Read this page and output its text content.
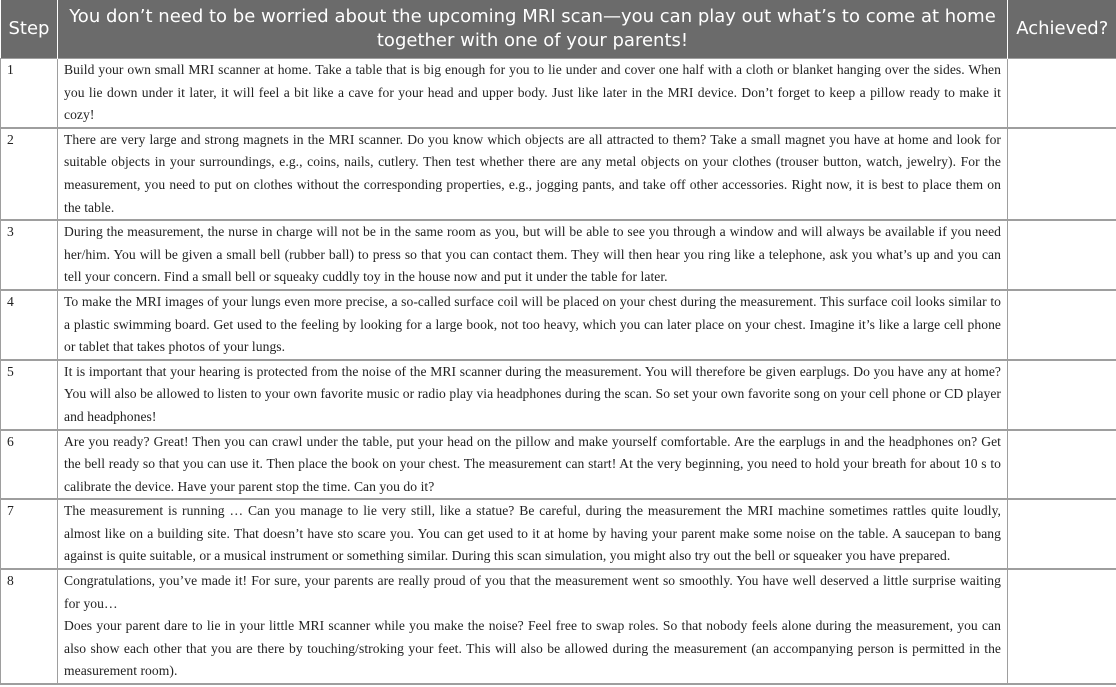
Step	You don’t need to be worried about the upcoming MRI scan—you can play out what’s to come at home together with one of your parents!	Achieved?
1	Build your own small MRI scanner at home. Take a table that is big enough for you to lie under and cover one half with a cloth or blanket hanging over the sides. When you lie down under it later, it will feel a bit like a cave for your head and upper body. Just like later in the MRI device. Don’t forget to keep a pillow ready to make it cozy!	

2	There are very large and strong magnets in the MRI scanner. Do you know which objects are all attracted to them? Take a small magnet you have at home and look for suitable objects in your surroundings, e.g., coins, nails, cutlery. Then test whether there are any metal objects on your clothes (trouser button, watch, jewelry). For the measurement, you need to put on clothes without the corresponding properties, e.g., jogging pants, and take off other accessories. Right now, it is best to place them on the table.	

3	During the measurement, the nurse in charge will not be in the same room as you, but will be able to see you through a window and will always be available if you need her/him. You will be given a small bell (rubber ball) to press so that you can contact them. They will then hear you ring like a telephone, ask you what’s up and you can tell your concern. Find a small bell or squeaky cuddly toy in the house now and put it under the table for later.	

4	To make the MRI images of your lungs even more precise, a so-called surface coil will be placed on your chest during the measurement. This surface coil looks similar to a plastic swimming board. Get used to the feeling by looking for a large book, not too heavy, which you can later place on your chest. Imagine it’s like a large cell phone or tablet that takes photos of your lungs.	

5	It is important that your hearing is protected from the noise of the MRI scanner during the measurement. You will therefore be given earplugs. Do you have any at home? You will also be allowed to listen to your own favorite music or radio play via headphones during the scan. So set your own favorite song on your cell phone or CD player and headphones!	

6	Are you ready? Great! Then you can crawl under the table, put your head on the pillow and make yourself comfortable. Are the earplugs in and the headphones on? Get the bell ready so that you can use it. Then place the book on your chest. The measurement can start! At the very beginning, you need to hold your breath for about 10 s to calibrate the device. Have your parent stop the time. Can you do it?	

7	The measurement is running … Can you manage to lie very still, like a statue? Be careful, during the measurement the MRI machine sometimes rattles quite loudly, almost like on a building site. That doesn’t have sto scare you. You can get used to it at home by having your parent make some noise on the table. A saucepan to bang against is quite suitable, or a musical instrument or something similar. During this scan simulation, you might also try out the bell or squeaker you have prepared.	

8	Congratulations, you’ve made it! For sure, your parents are really proud of you that the measurement went so smoothly. You have well deserved a little surprise waiting for you…
Does your parent dare to lie in your little MRI scanner while you make the noise? Feel free to swap roles. So that nobody feels alone during the measurement, you can also show each other that you are there by touching/stroking your feet. This will also be allowed during the measurement (an accompanying person is permitted in the measurement room).	
